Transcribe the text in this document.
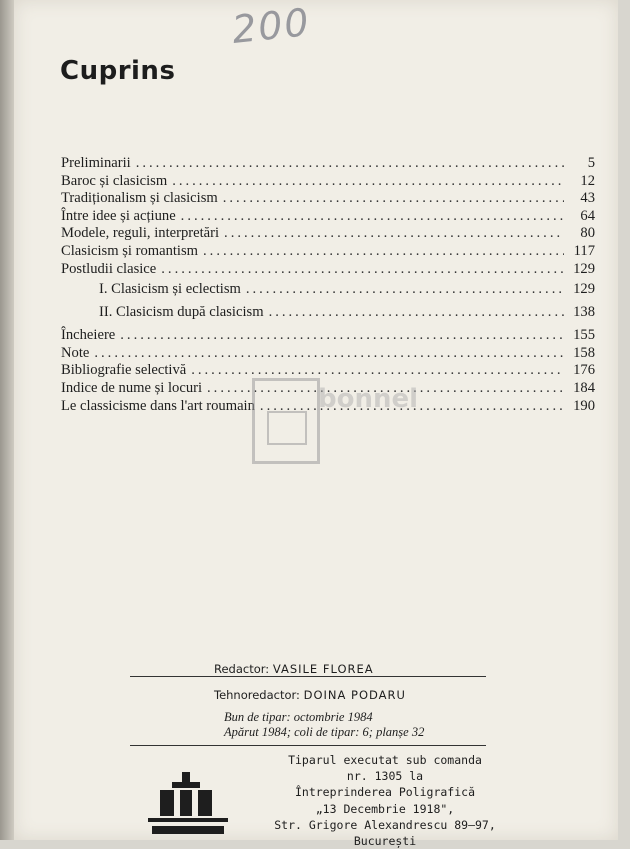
200
Cuprins
Preliminarii .....	5
Baroc și clasicism .....	12
Tradiționalism și clasicism .....	43
Între idee și acțiune .....	64
Modele, reguli, interpretări .....	80
Clasicism și romantism .....	117
Postludii clasice .....	129
I. Clasicism și eclectism .....	129
II. Clasicism după clasicism .....	138
Încheiere .....	155
Note .....	158
Bibliografie selectivă .....	176
Indice de nume și locuri .....	184
Le classicisme dans l'art roumain .....	190
bonnel
Redactor: VASILE FLOREA
Tehnoredactor: DOINA PODARU
Bun de tipar: octombrie 1984
Apărut 1984; coli de tipar: 6; planșe 32
Tiparul executat sub comanda
nr. 1305 la
Întreprinderea Poligrafică
„13 Decembrie 1918",
Str. Grigore Alexandrescu 89—97,
București
